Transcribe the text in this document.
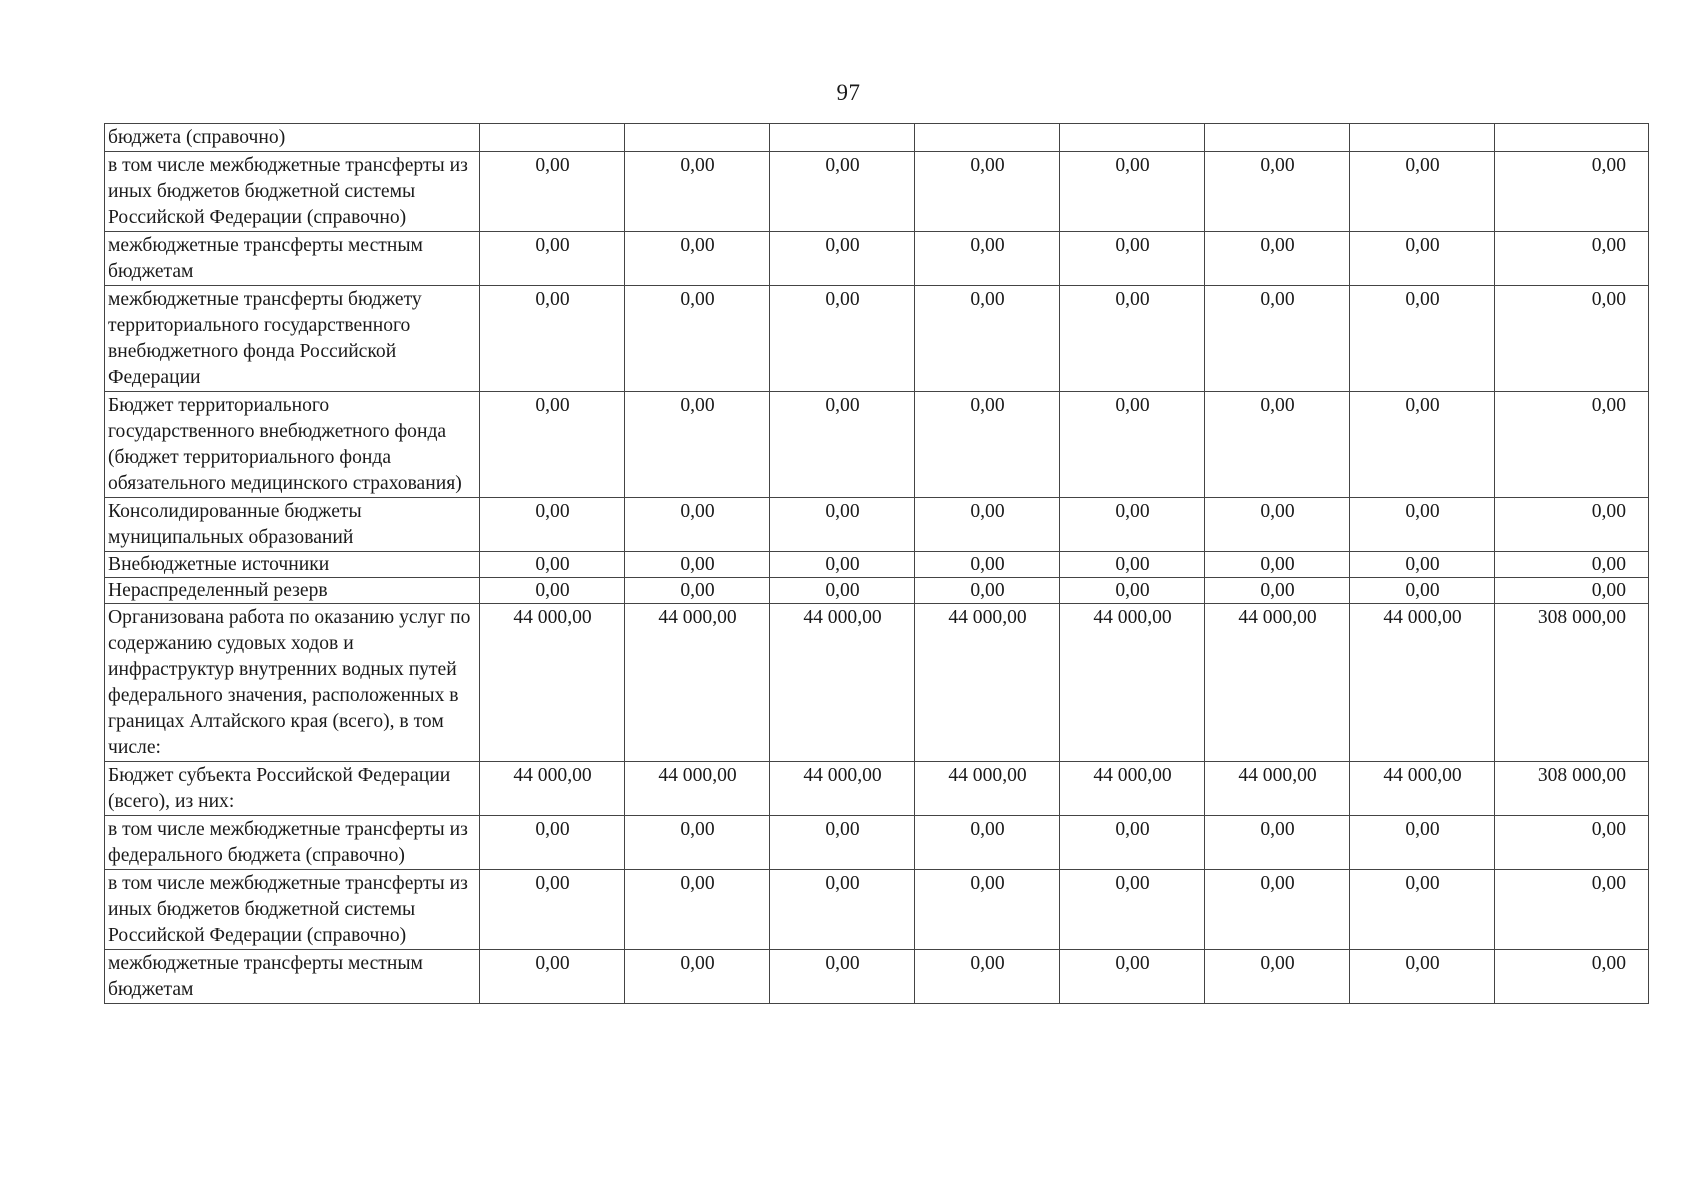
97
бюджета (справочно)								
в том числе межбюджетные трансферты из иных бюджетов бюджетной системы Российской Федерации (справочно)	0,00	0,00	0,00	0,00	0,00	0,00	0,00	0,00
межбюджетные трансферты местным бюджетам	0,00	0,00	0,00	0,00	0,00	0,00	0,00	0,00
межбюджетные трансферты бюджету территориального государственного внебюджетного фонда Российской Федерации	0,00	0,00	0,00	0,00	0,00	0,00	0,00	0,00
Бюджет территориального государственного внебюджетного фонда (бюджет территориального фонда обязательного медицинского страхования)	0,00	0,00	0,00	0,00	0,00	0,00	0,00	0,00
Консолидированные бюджеты муниципальных образований	0,00	0,00	0,00	0,00	0,00	0,00	0,00	0,00
Внебюджетные источники	0,00	0,00	0,00	0,00	0,00	0,00	0,00	0,00
Нераспределенный резерв	0,00	0,00	0,00	0,00	0,00	0,00	0,00	0,00
Организована работа по оказанию услуг по содержанию судовых ходов и инфраструктур внутренних водных путей федерального значения, расположенных в границах Алтайского края (всего), в том числе:	44 000,00	44 000,00	44 000,00	44 000,00	44 000,00	44 000,00	44 000,00	308 000,00
Бюджет субъекта Российской Федерации (всего), из них:	44 000,00	44 000,00	44 000,00	44 000,00	44 000,00	44 000,00	44 000,00	308 000,00
в том числе межбюджетные трансферты из федерального бюджета (справочно)	0,00	0,00	0,00	0,00	0,00	0,00	0,00	0,00
в том числе межбюджетные трансферты из иных бюджетов бюджетной системы Российской Федерации (справочно)	0,00	0,00	0,00	0,00	0,00	0,00	0,00	0,00
межбюджетные трансферты местным бюджетам	0,00	0,00	0,00	0,00	0,00	0,00	0,00	0,00
